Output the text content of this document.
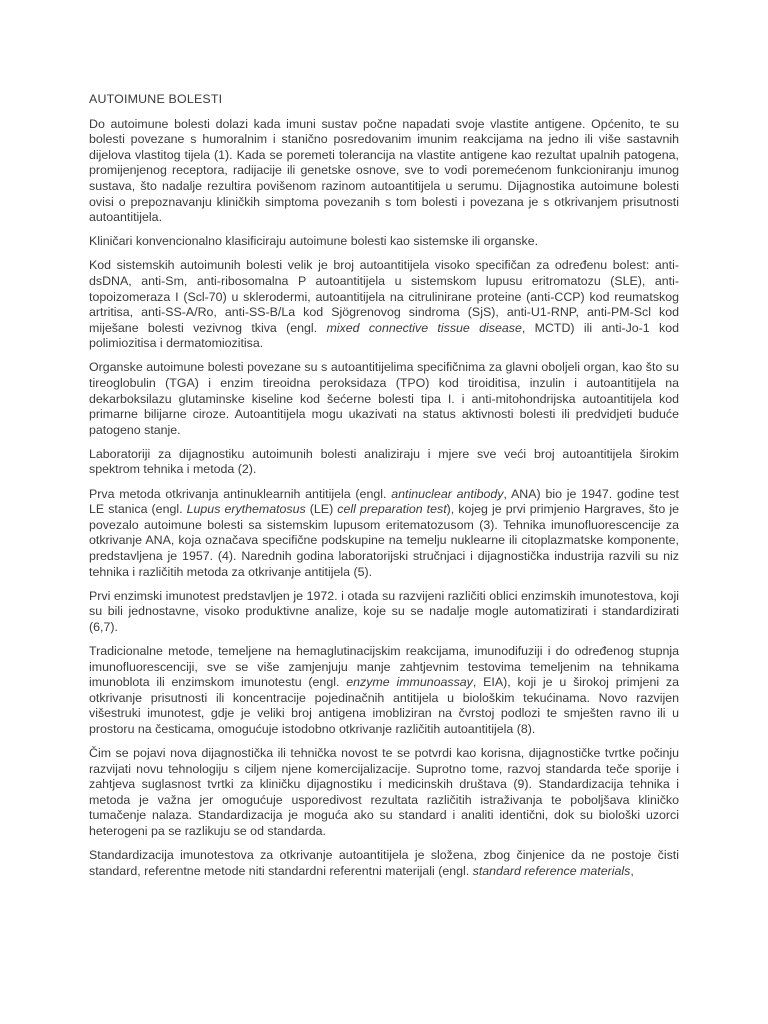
AUTOIMUNE BOLESTI

Do autoimune bolesti dolazi kada imuni sustav počne napadati svoje vlastite antigene. Općenito, te su bolesti povezane s humoralnim i stanično posredovanim imunim reakcijama na jedno ili više sastavnih dijelova vlastitog tijela (1). Kada se poremeti tolerancija na vlastite antigene kao rezultat upalnih patogena, promijenjenog receptora, radijacije ili genetske osnove, sve to vodi poremećenom funkcioniranju imunog sustava, što nadalje rezultira povišenom razinom autoantitijela u serumu. Dijagnostika autoimune bolesti ovisi o prepoznavanju kliničkih simptoma povezanih s tom bolesti i povezana je s otkrivanjem prisutnosti autoantitijela.

Kliničari konvencionalno klasificiraju autoimune bolesti kao sistemske ili organske.

Kod sistemskih autoimunih bolesti velik je broj autoantitijela visoko specifičan za određenu bolest: anti-dsDNA, anti-Sm, anti-ribosomalna P autoantitijela u sistemskom lupusu eritromatozu (SLE), anti-topoizomeraza I (Scl-70) u sklerodermi, autoantitijela na citrulinirane proteine (anti-CCP) kod reumatskog artritisa, anti-SS-A/Ro, anti-SS-B/La kod Sjögrenovog sindroma (SjS), anti-U1-RNP, anti-PM-Scl kod miješane bolesti vezivnog tkiva (engl. mixed connective tissue disease, MCTD) ili anti-Jo-1 kod polimiozitisa i dermatomiozitisa.

Organske autoimune bolesti povezane su s autoantitijelima specifičnima za glavni oboljeli organ, kao što su tireoglobulin (TGA) i enzim tireoidna peroksidaza (TPO) kod tiroiditisa, inzulin i autoantitijela na dekarboksilazu glutaminske kiseline kod šećerne bolesti tipa I. i anti-mitohondrijska autoantitijela kod primarne bilijarne ciroze. Autoantitijela mogu ukazivati na status aktivnosti bolesti ili predvidjeti buduće patogeno stanje.

Laboratoriji za dijagnostiku autoimunih bolesti analiziraju i mjere sve veći broj autoantitijela širokim spektrom tehnika i metoda (2).

Prva metoda otkrivanja antinuklearnih antitijela (engl. antinuclear antibody, ANA) bio je 1947. godine test LE stanica (engl. Lupus erythematosus (LE) cell preparation test), kojeg je prvi primjenio Hargraves, što je povezalo autoimune bolesti sa sistemskim lupusom eritematozusom (3). Tehnika imunofluorescencije za otkrivanje ANA, koja označava specifične podskupine na temelju nuklearne ili citoplazmatske komponente, predstavljena je 1957. (4). Narednih godina laboratorijski stručnjaci i dijagnostička industrija razvili su niz tehnika i različitih metoda za otkrivanje antitijela (5).

Prvi enzimski imunotest predstavljen je 1972. i otada su razvijeni različiti oblici enzimskih imunotestova, koji su bili jednostavne, visoko produktivne analize, koje su se nadalje mogle automatizirati i standardizirati (6,7).

Tradicionalne metode, temeljene na hemaglutinacijskim reakcijama, imunodifuziji i do određenog stupnja imunofluorescenciji, sve se više zamjenjuju manje zahtjevnim testovima temeljenim na tehnikama imunoblota ili enzimskom imunotestu (engl. enzyme immunoassay, EIA), koji je u širokoj primjeni za otkrivanje prisutnosti ili koncentracije pojedinačnih antitijela u biološkim tekućinama. Novo razvijen višestruki imunotest, gdje je veliki broj antigena imobliziran na čvrstoj podlozi te smješten ravno ili u prostoru na česticama, omogućuje istodobno otkrivanje različitih autoantitijela (8).

Čim se pojavi nova dijagnostička ili tehnička novost te se potvrdi kao korisna, dijagnostičke tvrtke počinju razvijati novu tehnologiju s ciljem njene komercijalizacije. Suprotno tome, razvoj standarda teče sporije i zahtjeva suglasnost tvrtki za kliničku dijagnostiku i medicinskih društava (9). Standardizacija tehnika i metoda je važna jer omogućuje usporedivost rezultata različitih istraživanja te poboljšava kliničko tumačenje nalaza. Standardizacija je moguća ako su standard i analiti identični, dok su biološki uzorci heterogeni pa se razlikuju se od standarda.

Standardizacija imunotestova za otkrivanje autoantitijela je složena, zbog činjenice da ne postoje čisti standard, referentne metode niti standardni referentni materijali (engl. standard reference materials,
